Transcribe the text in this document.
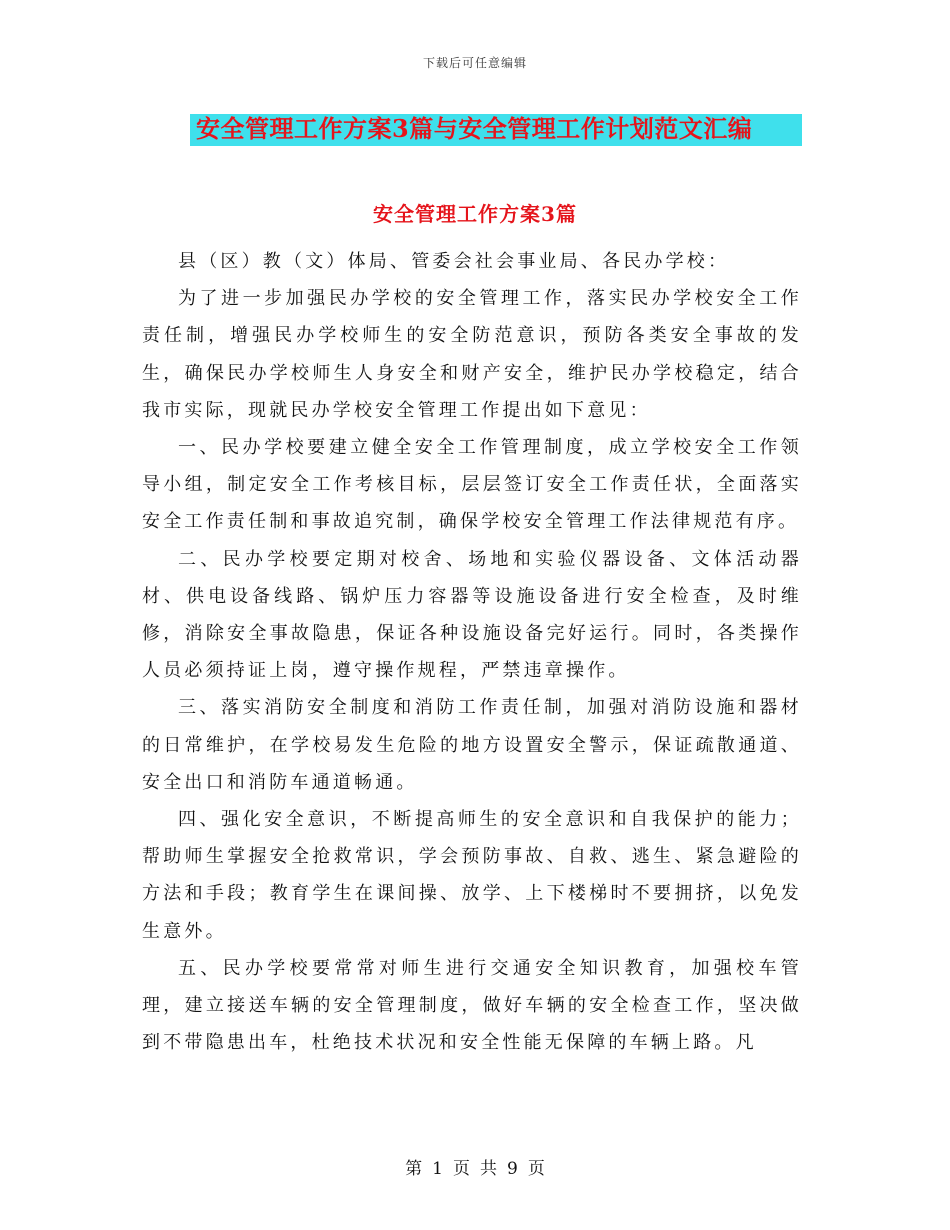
下载后可任意编辑
安全管理工作方案3篇与安全管理工作计划范文汇编
安全管理工作方案3篇

县（区）教（文）体局、管委会社会事业局、各民办学校：

为了进一步加强民办学校的安全管理工作，落实民办学校安全工作责任制，增强民办学校师生的安全防范意识，预防各类安全事故的发生，确保民办学校师生人身安全和财产安全，维护民办学校稳定，结合我市实际，现就民办学校安全管理工作提出如下意见：

一、民办学校要建立健全安全工作管理制度，成立学校安全工作领导小组，制定安全工作考核目标，层层签订安全工作责任状，全面落实安全工作责任制和事故追究制，确保学校安全管理工作法律规范有序。

二、民办学校要定期对校舍、场地和实验仪器设备、文体活动器材、供电设备线路、锅炉压力容器等设施设备进行安全检查，及时维修，消除安全事故隐患，保证各种设施设备完好运行。同时，各类操作人员必须持证上岗，遵守操作规程，严禁违章操作。

三、落实消防安全制度和消防工作责任制，加强对消防设施和器材的日常维护，在学校易发生危险的地方设置安全警示，保证疏散通道、安全出口和消防车通道畅通。

四、强化安全意识，不断提高师生的安全意识和自我保护的能力；帮助师生掌握安全抢救常识，学会预防事故、自救、逃生、紧急避险的方法和手段；教育学生在课间操、放学、上下楼梯时不要拥挤，以免发生意外。

五、民办学校要常常对师生进行交通安全知识教育，加强校车管理，建立接送车辆的安全管理制度，做好车辆的安全检查工作，坚决做到不带隐患出车，杜绝技术状况和安全性能无保障的车辆上路。凡

第 1 页 共 9 页
